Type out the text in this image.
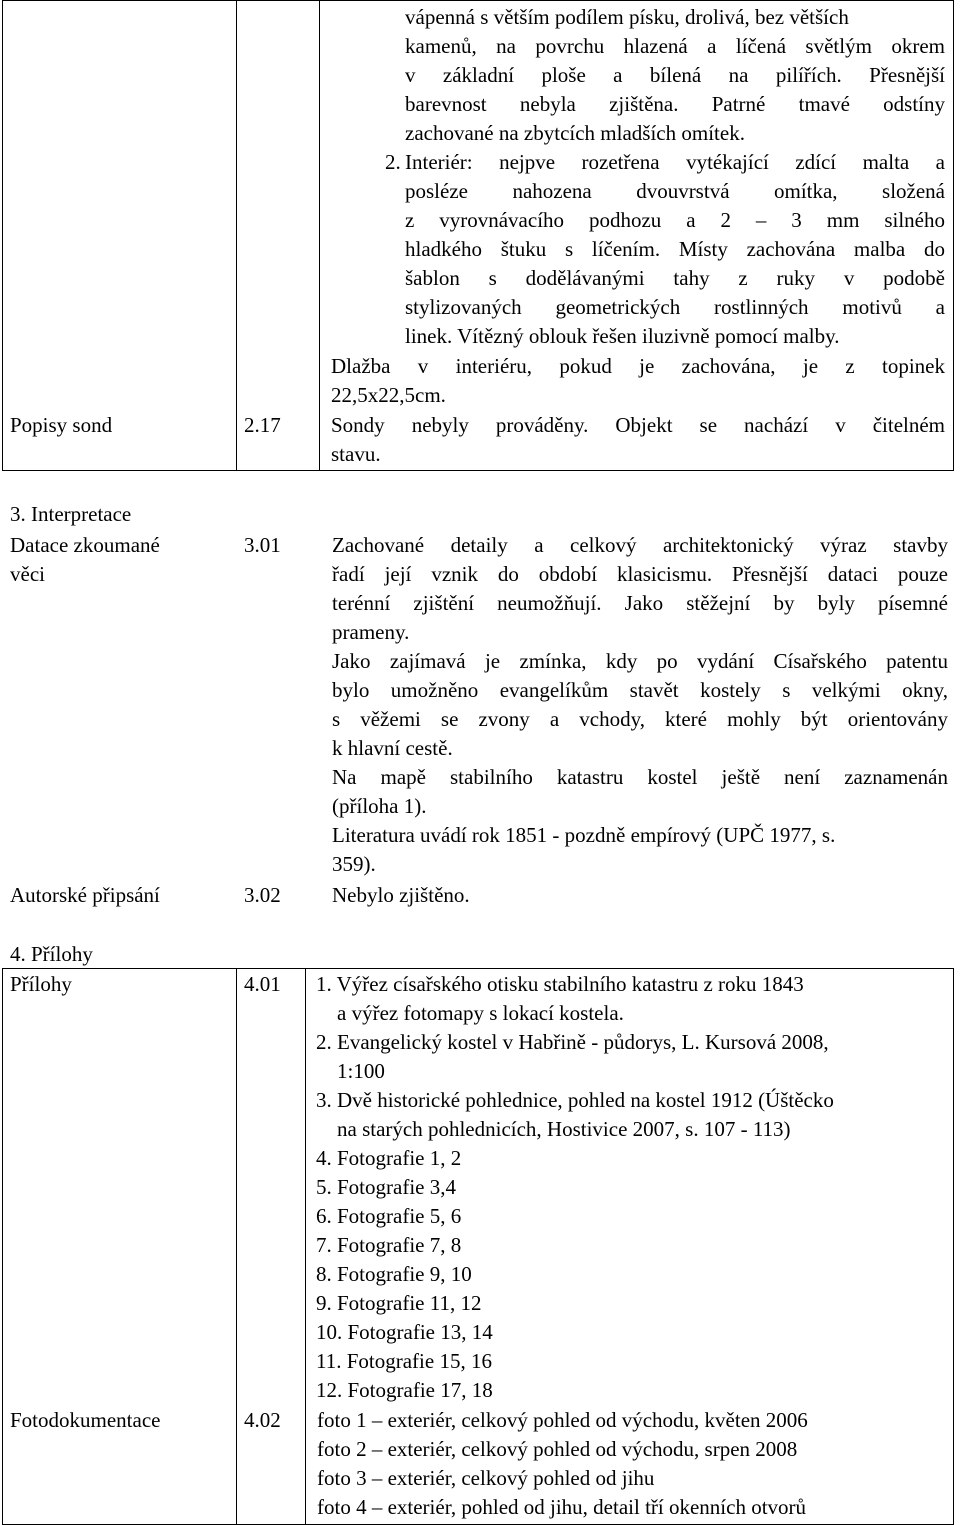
vápenná s větším podílem písku, drolivá, bez větších
kamenů, na povrchu hlazená a líčená světlým okrem
v základní ploše a bílená na pilířích. Přesnější
barevnost nebyla zjištěna. Patrné tmavé odstíny
zachované na zbytcích mladších omítek.
2. Interiér: nejpve rozetřena vytékající zdící malta a
posléze nahozena dvouvrstvá omítka, složená
z vyrovnávacího podhozu a 2 – 3 mm silného
hladkého štuku s líčením. Místy zachována malba do
šablon s dodělávanými tahy z ruky v podobě
stylizovaných geometrických rostlinných motivů a
linek. Vítězný oblouk řešen iluzivně pomocí malby.
Dlažba v interiéru, pokud je zachována, je z topinek
22,5x22,5cm.
Popisy sond	2.17 Sondy nebyly prováděny. Objekt se nachází v čitelném
stavu.
3. Interpretace
Datace zkoumané
věci
3.01 Zachované detaily a celkový architektonický výraz stavby
řadí její vznik do období klasicismu. Přesnější dataci pouze
terénní zjištění neumožňují. Jako stěžejní by byly písemné
prameny.
Jako zajímavá je zmínka, kdy po vydání Císařského patentu
bylo umožněno evangelíkům stavět kostely s velkými okny,
s věžemi se zvony a vchody, které mohly být orientovány
k hlavní cestě.
Na mapě stabilního katastru kostel ještě není zaznamenán
(příloha 1).
Literatura uvádí rok 1851 - pozdně empírový (UPČ 1977, s.
359).
Autorské připsání	3.02 Nebylo zjištěno.
4. Přílohy
Přílohy	4.01 1. Výřez císařského otisku stabilního katastru z roku 1843
a výřez fotomapy s lokací kostela.
2. Evangelický kostel v Habřině - půdorys, L. Kursová 2008,
1:100
3. Dvě historické pohlednice, pohled na kostel 1912 (Úštěcko
na starých pohlednicích, Hostivice 2007, s. 107 - 113)
4. Fotografie 1, 2
5. Fotografie 3,4
6. Fotografie 5, 6
7. Fotografie 7, 8
8. Fotografie 9, 10
9. Fotografie 11, 12
10. Fotografie 13, 14
11. Fotografie 15, 16
12. Fotografie 17, 18
Fotodokumentace	4.02 foto 1 – exteriér, celkový pohled od východu, květen 2006
foto 2 – exteriér, celkový pohled od východu, srpen 2008
foto 3 – exteriér, celkový pohled od jihu
foto 4 – exteriér, pohled od jihu, detail tří okenních otvorů
